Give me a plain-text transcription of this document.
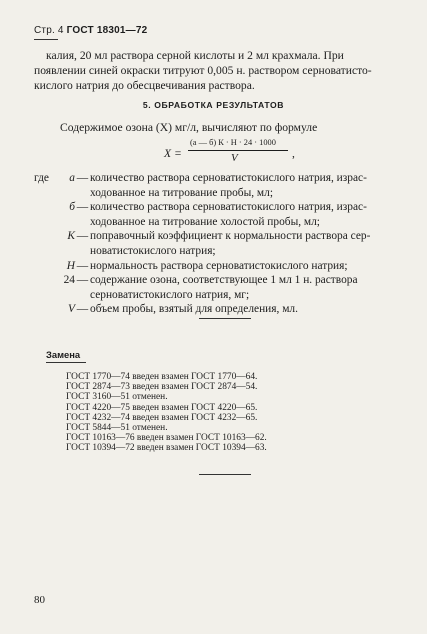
Стр. 4 ГОСТ 18301—72
калия, 20 мл раствора серной кислоты и 2 мл крахмала. При
появлении синей окраски титруют 0,005 н. раствором серноватисто-
кислого натрия до обесцвечивания раствора.
5. ОБРАБОТКА РЕЗУЛЬТАТОВ
Содержимое озона (X) мг/л, вычисляют по формуле
X =
(а — б) К · Н · 24 · 1000
V	,
где	а — количество раствора серноватистокислого натрия, израс-
ходованное на титрование пробы, мл;
б — количество раствора серноватистокислого натрия, израс-
ходованное на титрование холостой пробы, мл;
К — поправочный коэффициент к нормальности раствора сер-
новатистокислого натрия;
Н — нормальность раствора серноватистокислого натрия;
24 — содержание озона, соответствующее 1 мл 1 н. раствора
серноватистокислого натрия, мг;
V — объем пробы, взятый для определения, мл.
Замена
ГОСТ 1770—74 введен взамен ГОСТ 1770—64.
ГОСТ 2874—73 введен взамен ГОСТ 2874—54.
ГОСТ 3160—51 отменен.
ГОСТ 4220—75 введен взамен ГОСТ 4220—65.
ГОСТ 4232—74 введен взамен ГОСТ 4232—65.
ГОСТ 5844—51 отменен.
ГОСТ 10163—76 введен взамен ГОСТ 10163—62.
ГОСТ 10394—72 введен взамен ГОСТ 10394—63.
80
